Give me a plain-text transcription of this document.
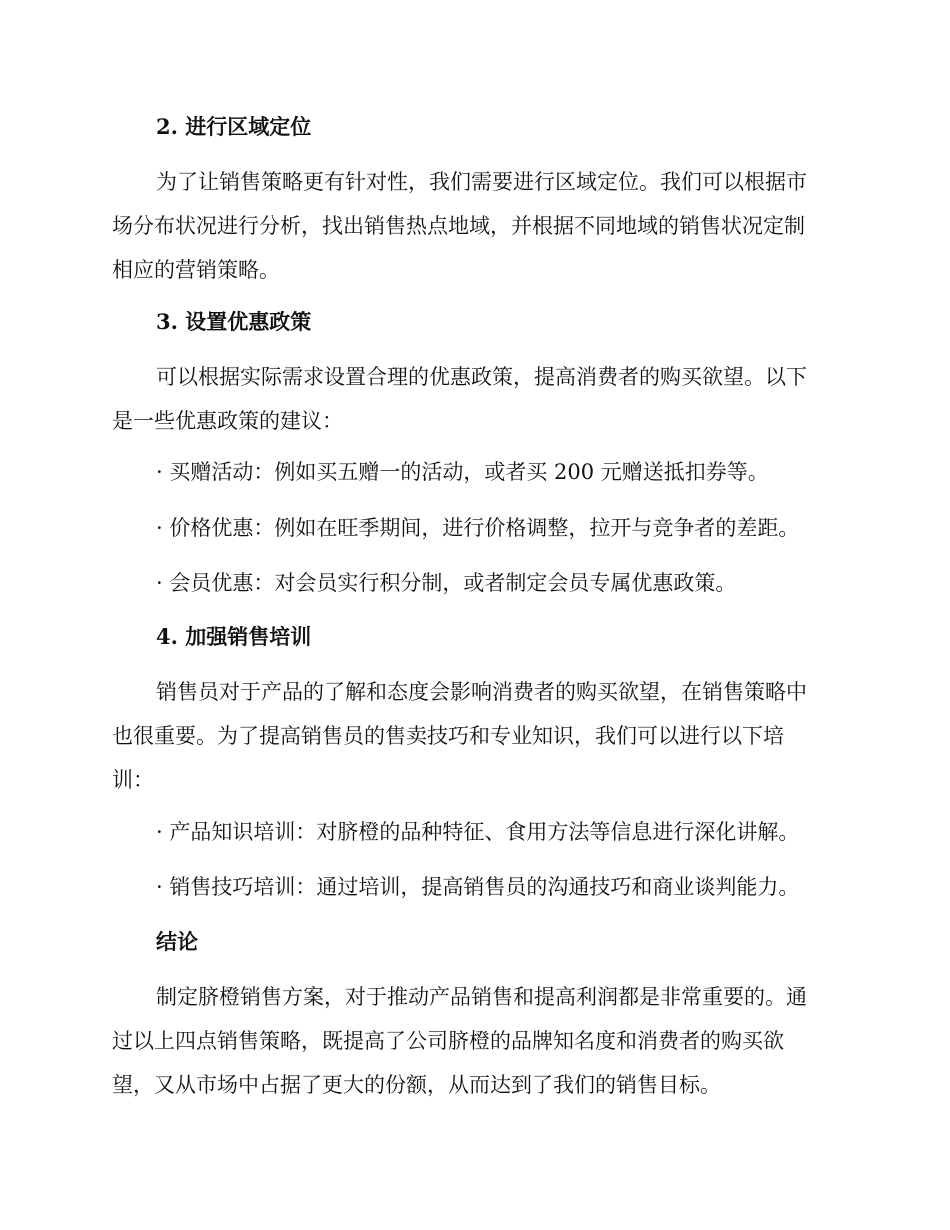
2. 进行区域定位
为了让销售策略更有针对性，我们需要进行区域定位。我们可以根据市
场分布状况进行分析，找出销售热点地域，并根据不同地域的销售状况定制
相应的营销策略。
3. 设置优惠政策
可以根据实际需求设置合理的优惠政策，提高消费者的购买欲望。以下
是一些优惠政策的建议：
· 买赠活动：例如买五赠一的活动，或者买 200 元赠送抵扣券等。
· 价格优惠：例如在旺季期间，进行价格调整，拉开与竞争者的差距。
· 会员优惠：对会员实行积分制，或者制定会员专属优惠政策。
4. 加强销售培训
销售员对于产品的了解和态度会影响消费者的购买欲望，在销售策略中
也很重要。为了提高销售员的售卖技巧和专业知识，我们可以进行以下培
训：
· 产品知识培训：对脐橙的品种特征、食用方法等信息进行深化讲解。
· 销售技巧培训：通过培训，提高销售员的沟通技巧和商业谈判能力。
结论
制定脐橙销售方案，对于推动产品销售和提高利润都是非常重要的。通
过以上四点销售策略，既提高了公司脐橙的品牌知名度和消费者的购买欲
望，又从市场中占据了更大的份额，从而达到了我们的销售目标。
